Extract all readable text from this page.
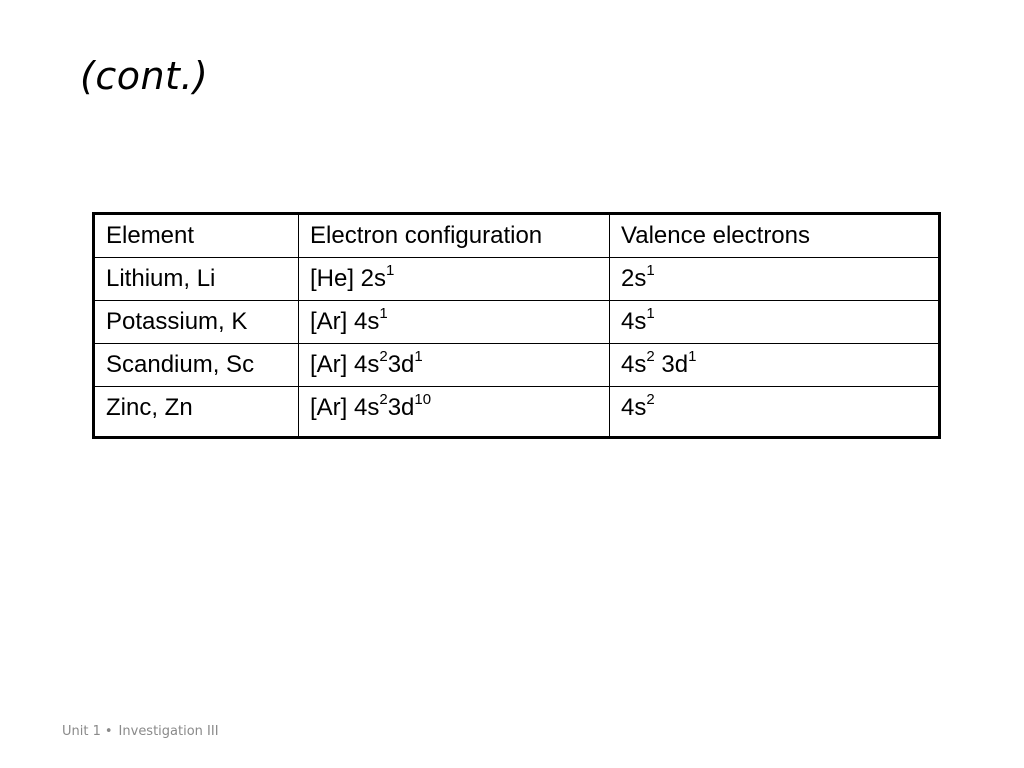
(cont.)
Element	Electron configuration	Valence electrons
Lithium, Li	[He] $2s^1$	$2s^1$
Potassium, K	[Ar] $4s^1$	$4s^1$
Scandium, Sc	[Ar] $4s^23d^1$	$4s^2$ $3d^1$
Zinc, Zn	[Ar] $4s^23d^{10}$	$4s^2$
Unit 1 • Investigation III
